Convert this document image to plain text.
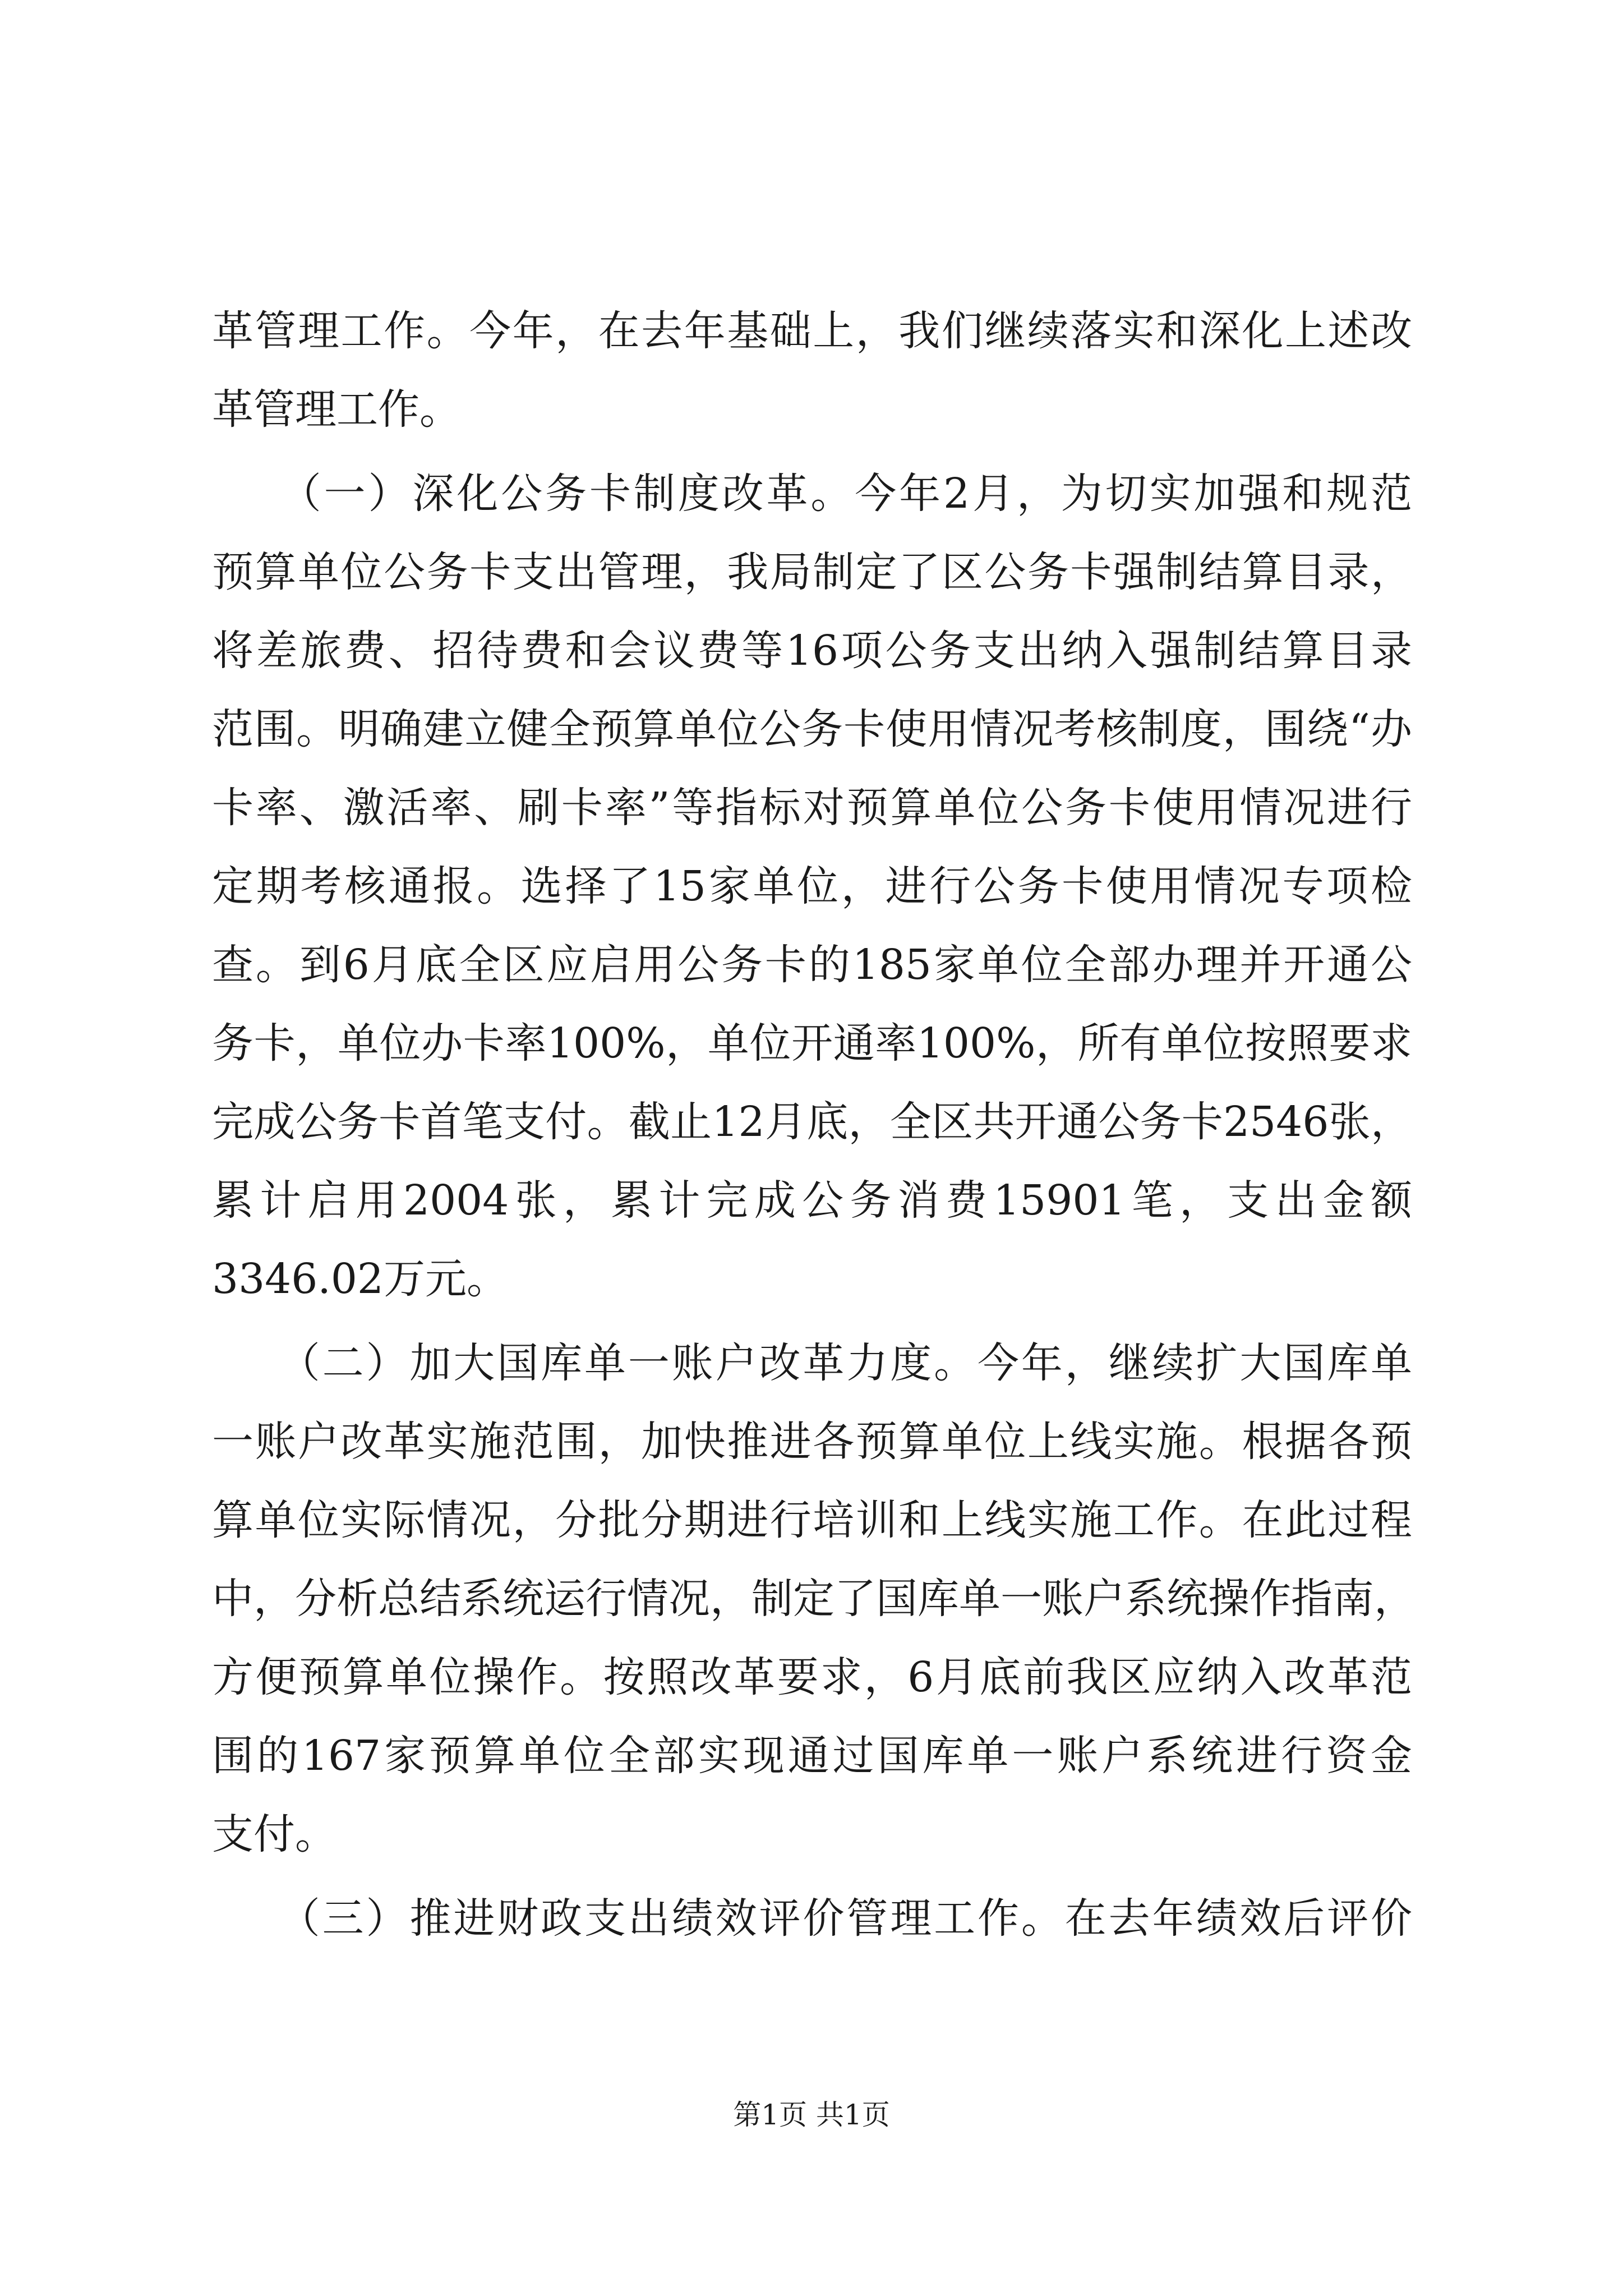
革管理工作。今年，在去年基础上，我们继续落实和深化上述改
革管理工作。
　　（一）深化公务卡制度改革。今年2月，为切实加强和规范
预算单位公务卡支出管理，我局制定了区公务卡强制结算目录，
将差旅费、招待费和会议费等16项公务支出纳入强制结算目录
范围。明确建立健全预算单位公务卡使用情况考核制度，围绕“办
卡率、激活率、刷卡率”等指标对预算单位公务卡使用情况进行
定期考核通报。选择了15家单位，进行公务卡使用情况专项检
查。到6月底全区应启用公务卡的185家单位全部办理并开通公
务卡，单位办卡率100%，单位开通率100%，所有单位按照要求
完成公务卡首笔支付。截止12月底，全区共开通公务卡2546张，
累计启用2004张，累计完成公务消费15901笔，支出金额
3346.02万元。
　　（二）加大国库单一账户改革力度。今年，继续扩大国库单
一账户改革实施范围，加快推进各预算单位上线实施。根据各预
算单位实际情况，分批分期进行培训和上线实施工作。在此过程
中，分析总结系统运行情况，制定了国库单一账户系统操作指南，
方便预算单位操作。按照改革要求，6月底前我区应纳入改革范
围的167家预算单位全部实现通过国库单一账户系统进行资金
支付。
　　（三）推进财政支出绩效评价管理工作。在去年绩效后评价
第1页 共1页
